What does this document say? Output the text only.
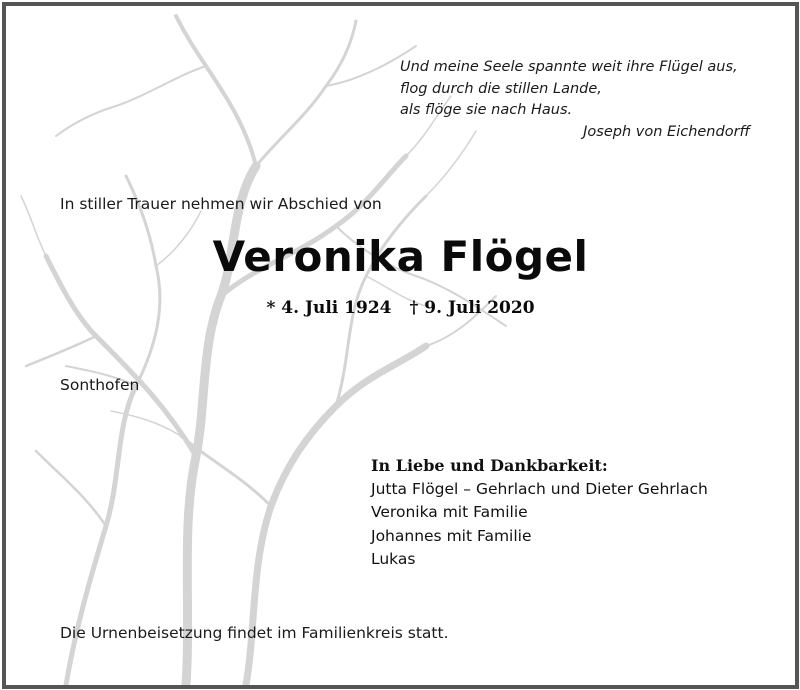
Und meine Seele spannte weit ihre Flügel aus,
flog durch die stillen Lande,
als flöge sie nach Haus.
Joseph von Eichendorff
In stiller Trauer nehmen wir Abschied von
Veronika Flögel
* 4. Juli 1924 † 9. Juli 2020
Sonthofen
In Liebe und Dankbarkeit:
Jutta Flögel – Gehrlach und Dieter Gehrlach
Veronika mit Familie
Johannes mit Familie
Lukas
Die Urnenbeisetzung findet im Familienkreis statt.
